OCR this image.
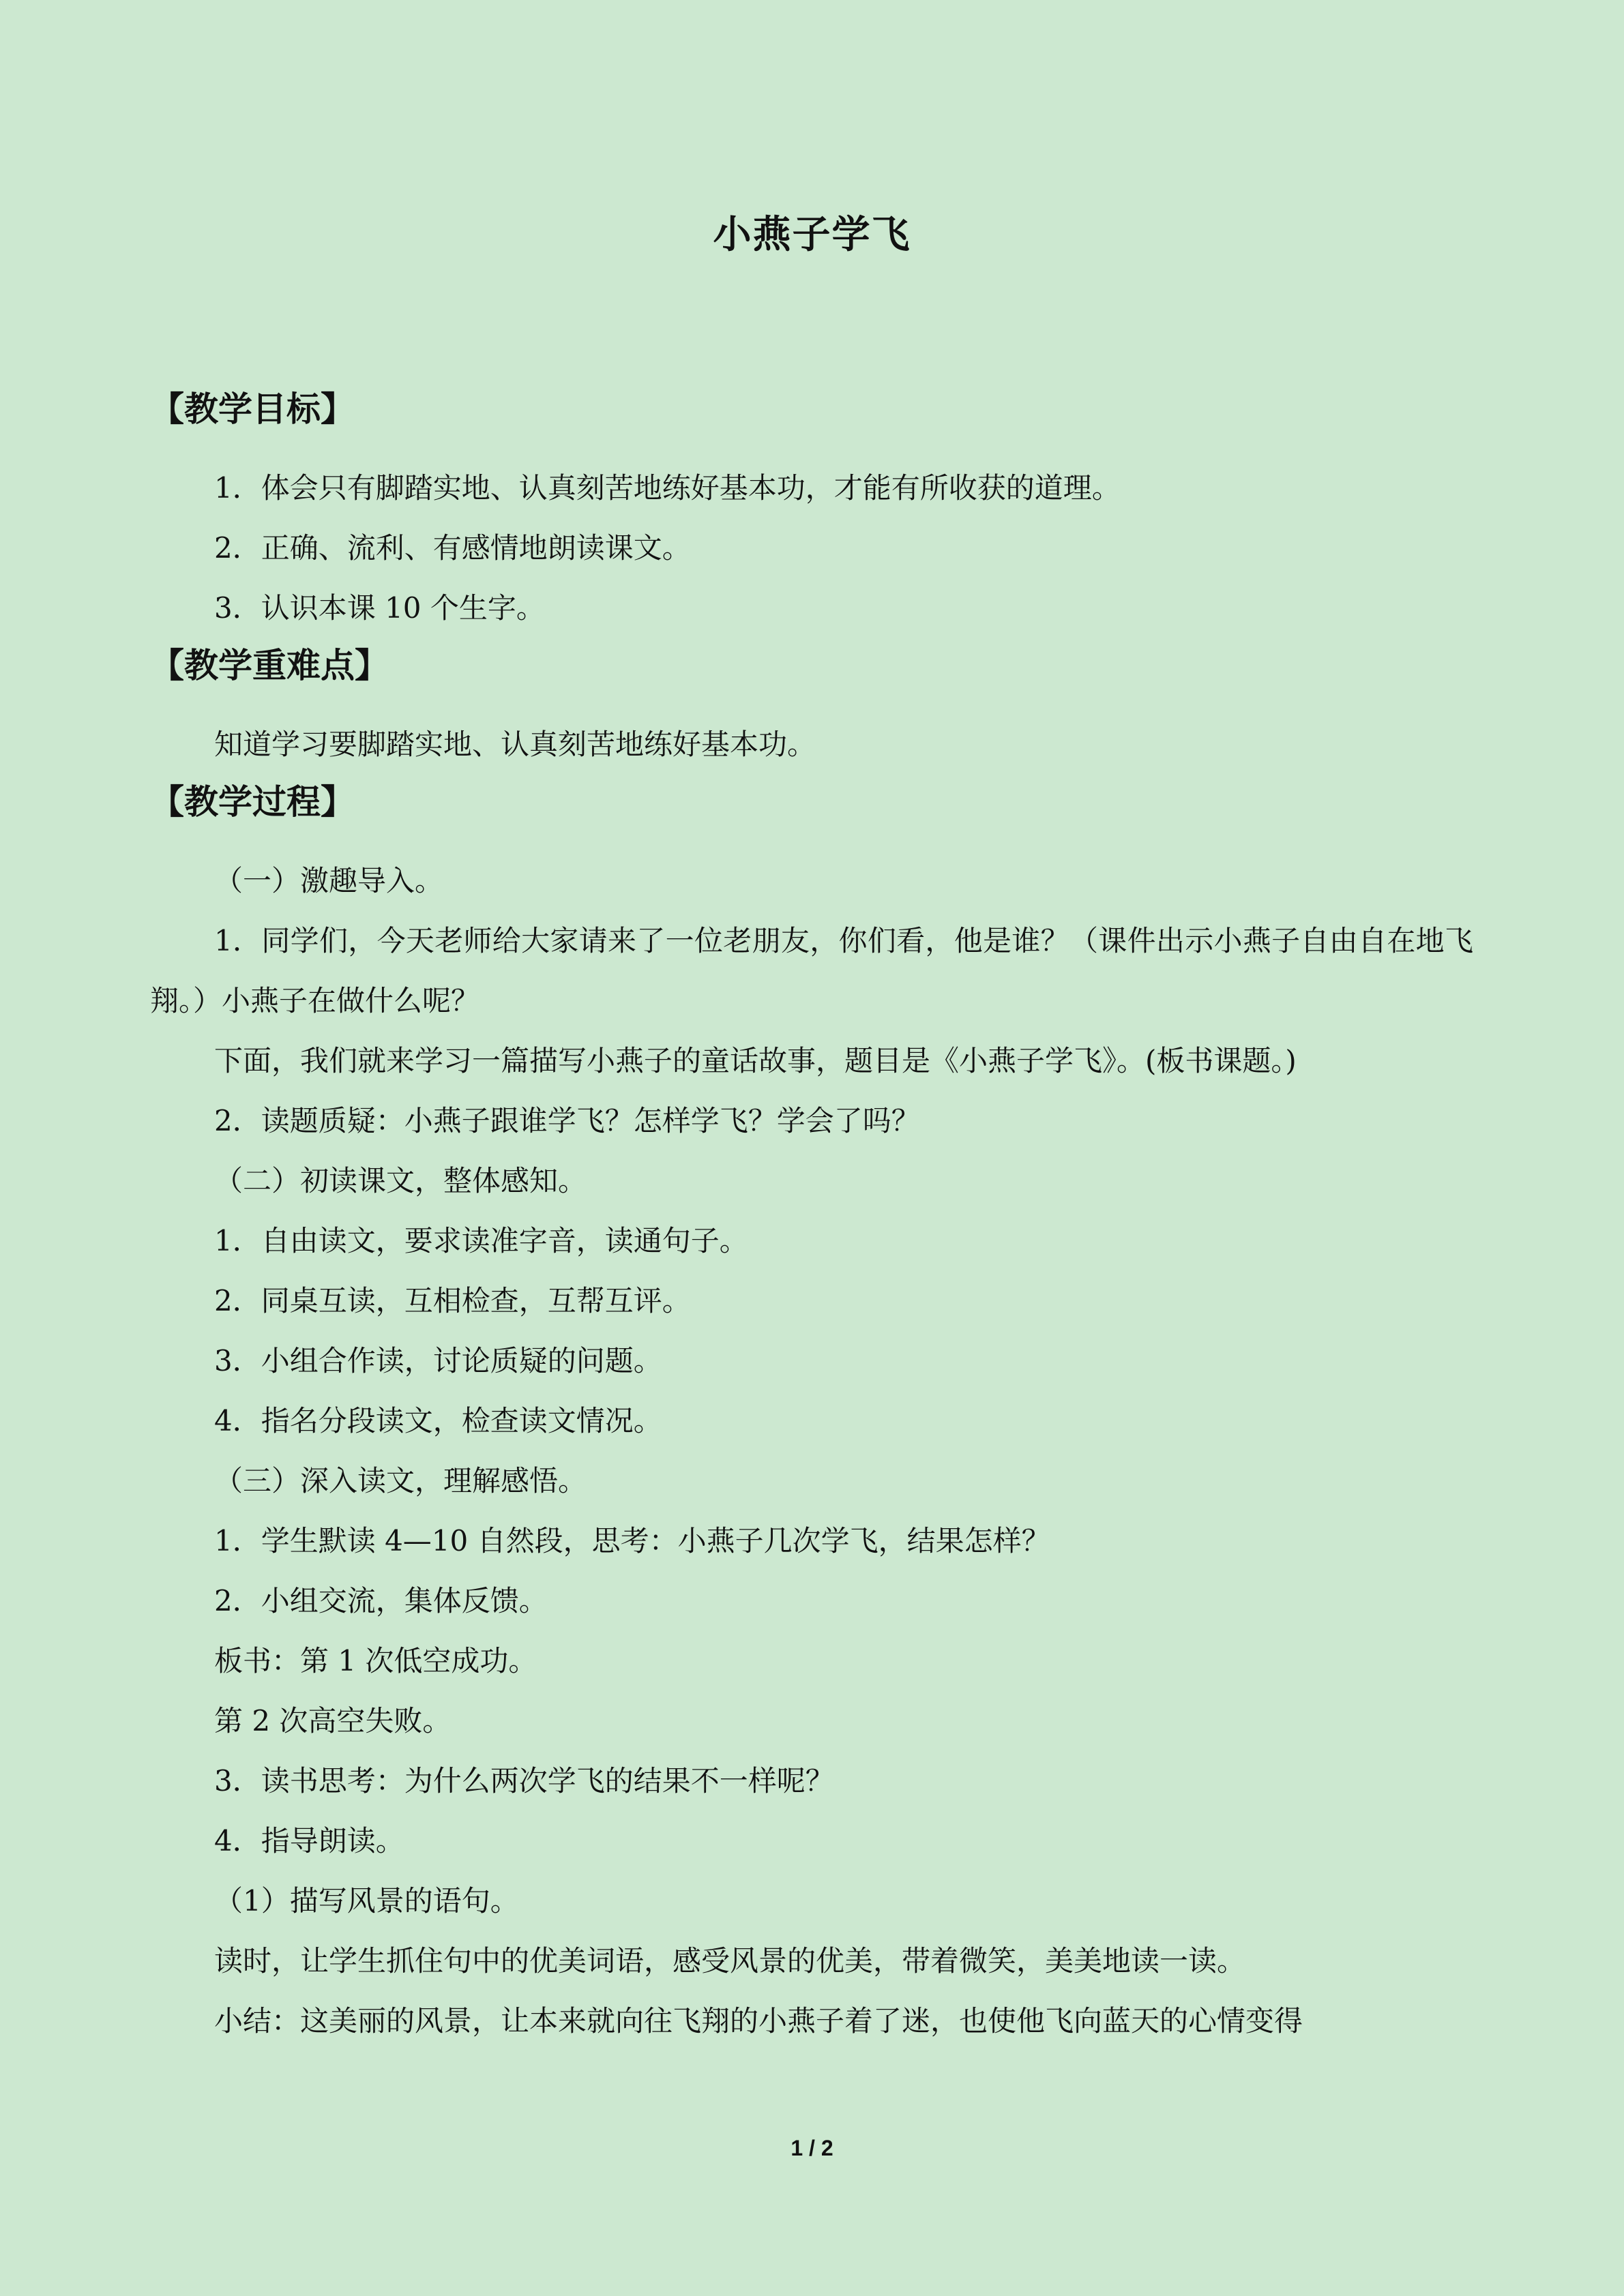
小燕子学飞
【教学目标】

1．体会只有脚踏实地、认真刻苦地练好基本功，才能有所收获的道理。

2．正确、流利、有感情地朗读课文。

3．认识本课 10 个生字。

【教学重难点】

知道学习要脚踏实地、认真刻苦地练好基本功。

【教学过程】

（一）激趣导入。

1．同学们，今天老师给大家请来了一位老朋友，你们看，他是谁？（课件出示小燕子自由自在地飞翔。）小燕子在做什么呢？

下面，我们就来学习一篇描写小燕子的童话故事，题目是《小燕子学飞》。(板书课题。)

2．读题质疑：小燕子跟谁学飞？怎样学飞？学会了吗？

（二）初读课文，整体感知。

1．自由读文，要求读准字音，读通句子。

2．同桌互读，互相检查，互帮互评。

3．小组合作读，讨论质疑的问题。

4．指名分段读文，检查读文情况。

（三）深入读文，理解感悟。

1．学生默读 4—10 自然段，思考：小燕子几次学飞，结果怎样？

2．小组交流，集体反馈。

板书：第 1 次低空成功。

第 2 次高空失败。

3．读书思考：为什么两次学飞的结果不一样呢？

4．指导朗读。

（1）描写风景的语句。

读时，让学生抓住句中的优美词语，感受风景的优美，带着微笑，美美地读一读。

小结：这美丽的风景，让本来就向往飞翔的小燕子着了迷，也使他飞向蓝天的心情变得

1 / 2
